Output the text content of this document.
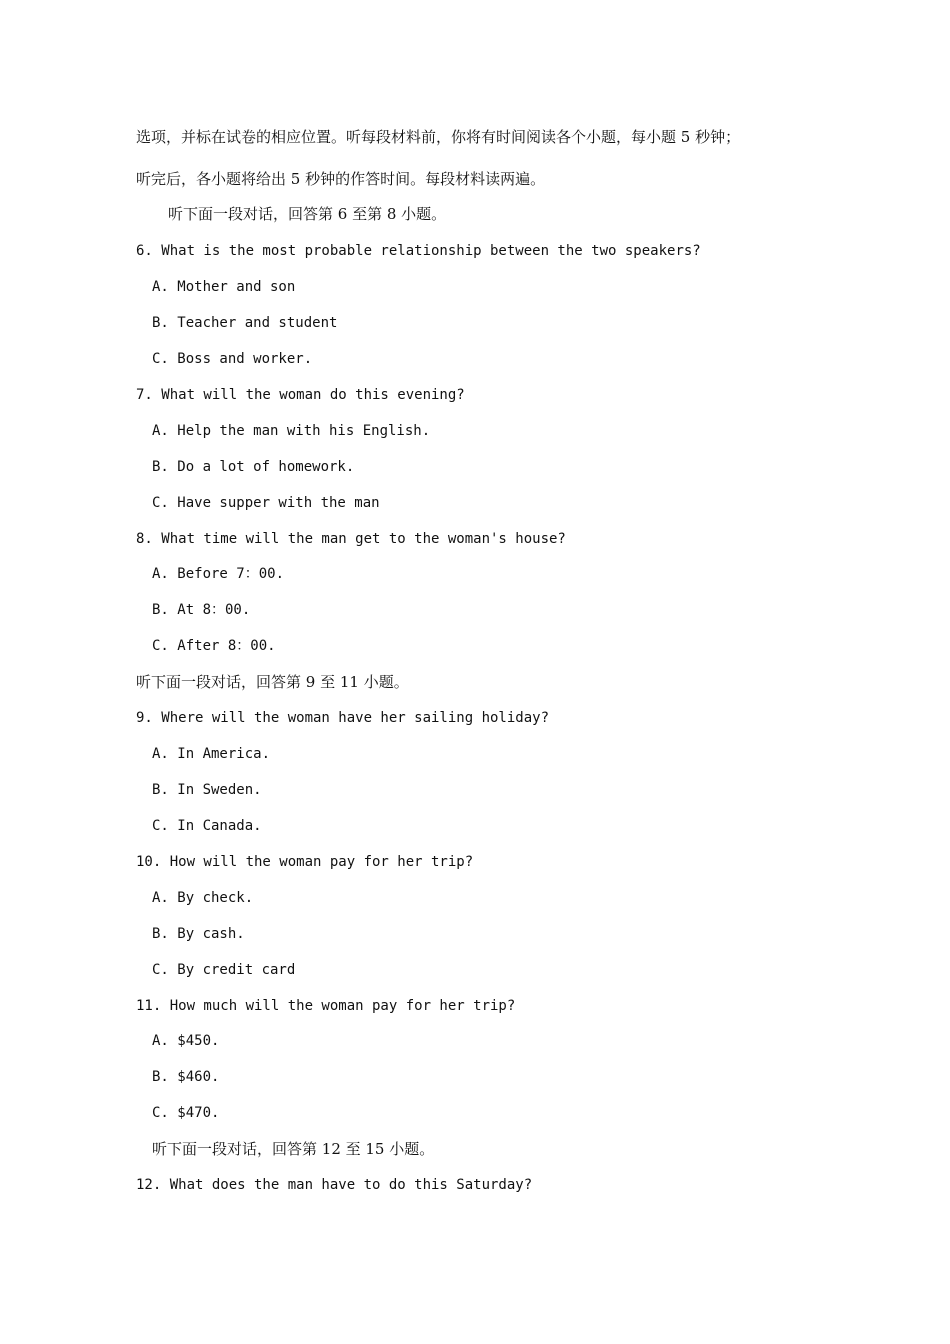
选项，并标在试卷的相应位置。听每段材料前，你将有时间阅读各个小题，每小题 5 秒钟；
听完后，各小题将给出 5 秒钟的作答时间。每段材料读两遍。
听下面一段对话，回答第 6 至第 8 小题。
6. What is the most probable relationship between the two speakers?
A. Mother and son
B. Teacher and student
C. Boss and worker.
7. What will the woman do this evening?
A. Help the man with his English.
B. Do a lot of homework.
C. Have supper with the man
8. What time will the man get to the woman's house?
A. Before 7：00.
B. At 8：00.
C. After 8：00.
听下面一段对话，回答第 9 至 11 小题。
9. Where will the woman have her sailing holiday?
A. In America.
B. In Sweden.
C. In Canada.
10. How will the woman pay for her trip?
A. By check.
B. By cash.
C. By credit card
11. How much will the woman pay for her trip?
A. $450.
B. $460.
C. $470.
听下面一段对话，回答第 12 至 15 小题。
12. What does the man have to do this Saturday?
